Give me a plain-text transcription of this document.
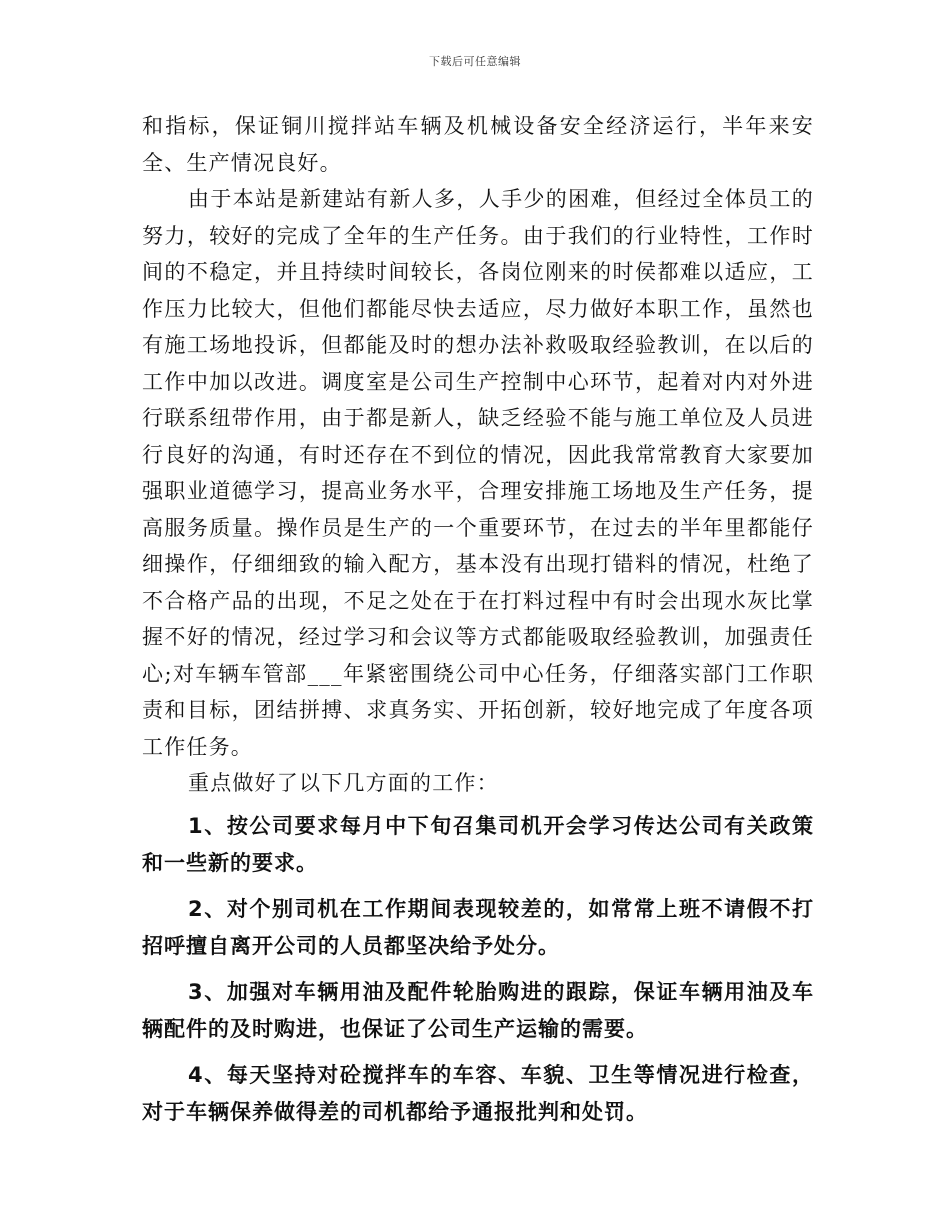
下载后可任意编辑

和指标，保证铜川搅拌站车辆及机械设备安全经济运行，半年来安全、生产情况良好。

由于本站是新建站有新人多，人手少的困难，但经过全体员工的努力，较好的完成了全年的生产任务。由于我们的行业特性，工作时间的不稳定，并且持续时间较长，各岗位刚来的时侯都难以适应，工作压力比较大，但他们都能尽快去适应，尽力做好本职工作，虽然也有施工场地投诉，但都能及时的想办法补救吸取经验教训，在以后的工作中加以改进。调度室是公司生产控制中心环节，起着对内对外进行联系纽带作用，由于都是新人，缺乏经验不能与施工单位及人员进行良好的沟通，有时还存在不到位的情况，因此我常常教育大家要加强职业道德学习，提高业务水平，合理安排施工场地及生产任务，提高服务质量。操作员是生产的一个重要环节，在过去的半年里都能仔细操作，仔细细致的输入配方，基本没有出现打错料的情况，杜绝了不合格产品的出现，不足之处在于在打料过程中有时会出现水灰比掌握不好的情况，经过学习和会议等方式都能吸取经验教训，加强责任心;对车辆车管部___年紧密围绕公司中心任务，仔细落实部门工作职责和目标，团结拼搏、求真务实、开拓创新，较好地完成了年度各项工作任务。

重点做好了以下几方面的工作：

1、按公司要求每月中下旬召集司机开会学习传达公司有关政策和一些新的要求。

2、对个别司机在工作期间表现较差的，如常常上班不请假不打招呼擅自离开公司的人员都坚决给予处分。

3、加强对车辆用油及配件轮胎购进的跟踪，保证车辆用油及车辆配件的及时购进，也保证了公司生产运输的需要。

4、每天坚持对砼搅拌车的车容、车貌、卫生等情况进行检查，对于车辆保养做得差的司机都给予通报批判和处罚。
